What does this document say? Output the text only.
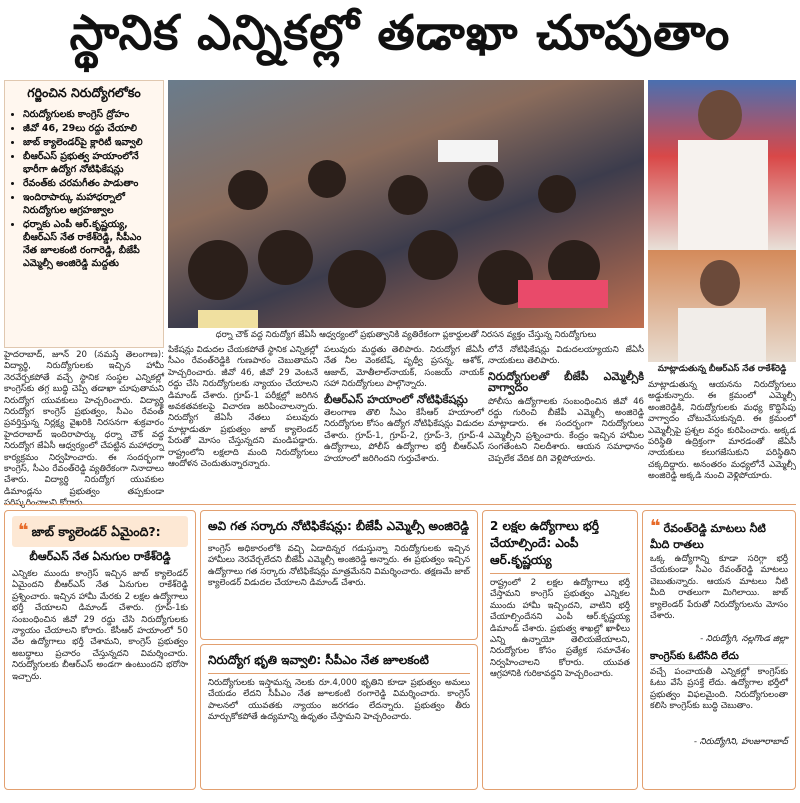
స్థానిక ఎన్నికల్లో తడాఖా చూపుతాం
గర్జించిన నిరుద్యోగలోకం
• నిరుద్యోగులకు కాంగ్రెస్ ద్రోహం
• జీవో 46, 29లు రద్దు చేయాలి
• జాబ్ క్యాలెండర్‌పై క్లారిటీ ఇవ్వాలి
• బీఆర్ఎస్ ప్రభుత్వ హయాంలోనే భారీగా ఉద్యోగ నోటిఫికేషన్లు
• రేవంత్‌కు చరమగీతం పాడుతాం
• ఇందిరాపార్కు మహాధర్నాలో నిరుద్యోగుల ఆగ్రహజ్వాల
• ధర్నాకు ఎంపీ ఆర్.కృష్ణయ్య, బీఆర్ఎస్ నేత రాకేశ్‌రెడ్డి, సీపీఎం నేత జూలకంటి రంగారెడ్డి, బీజేపీ ఎమ్మెల్సీ అంజిరెడ్డి మద్దతు
ధర్నా చౌక్ వద్ద నిరుద్యోగ జేఏసీ ఆధ్వర్యంలో ప్రభుత్వానికి వ్యతిరేకంగా ప్లకార్డులతో నిరసన వ్యక్తం చేస్తున్న నిరుద్యోగులు
మాట్లాడుతున్న బీఆర్ఎస్ నేత రాకేశ్‌రెడ్డి
హైదరాబాద్, జూన్ 20 (నమస్తే తెలంగాణ): విద్యార్థి, నిరుద్యోగులకు ఇచ్చిన హామీ నెరవేర్చకపోతే వచ్చే స్థానిక సంస్థల ఎన్నికల్లో కాంగ్రెస్‌కు తగ్గ బుద్ధి చెప్పి తడాఖా చూపుతామని నిరుద్యోగ యువకులు హెచ్చరించారు. విద్యార్థి నిరుద్యోగ కాంగ్రెస్ ప్రభుత్వం, సీఎం రేవంత్ ప్రవర్తిస్తున్న నిర్లక్ష్య వైఖరికి నిరసనగా శుక్రవారం హైదరాబాద్ ఇందిరాపార్కు ధర్నా చౌక్ వద్ద నిరుద్యోగ జేఏసీ ఆధ్వర్యంలో చేపట్టిన మహాధర్నా కార్యక్రమం నిర్వహించారు. ఈ సందర్భంగా కాంగ్రెస్, సీఎం రేవంత్‌రెడ్డి వ్యతిరేకంగా నినాదాలు చేశారు. విద్యార్థి నిరుద్యోగ యువకుల డిమాండ్లను ప్రభుత్వం తప్పకుండా
పికేషన్లు విడుదల చేయకపోతే స్థానిక ఎన్నికల్లో సీఎం రేవంత్‌రెడ్డికి గుణపాఠం చెబుతామని హెచ్చరించారు. జీవో 46, జీవో 29 వెంటనే రద్దు చేసి నిరుద్యోగులకు న్యాయం చేయాలని డిమాండ్ చేశారు. గ్రూప్-1 పరీక్షల్లో జరిగిన అవకతవకలపై విచారణ జరిపించాలన్నారు. నిరుద్యోగ జేఏసీ నేతలు పలువురు మాట్లాడుతూ ప్రభుత్వం జాబ్ క్యాలెండర్ పేరుతో మోసం చేస్తున్నదని మండిపడ్డారు. రాష్ట్రంలోని లక్షలాది మంది నిరుద్యోగులు ఆందోళన చెందుతున్నారన్నారు.
పలువురు మద్దతు తెలిపారు. నిరుద్యోగ జేఏసీ నేత నీల వెంకటేష్, పృథ్వీ ప్రసన్న, ఆశోక్, ఆజాద్, మోతీలాల్‌నాయక్, సంజయ్ నాయక్ సహా నిరుద్యోగులు పాల్గొన్నారు.
బీఆర్ఎస్ హయాంలో నోటిఫికేషన్లు
తెలంగాణ తొలి సీఎం కేసీఆర్ హయాంలో నిరుద్యోగుల కోసం ఉద్యోగ నోటిఫికేషన్లు విడుదల చేశారు. గ్రూప్-1, గ్రూప్-2, గ్రూప్-3, గ్రూప్-4 ఉద్యోగాలు, పోలీస్ ఉద్యోగాల భర్తీ బీఆర్ఎస్ హయాంలో జరిగిందని గుర్తుచేశారు.
లోనే నోటిఫికేషన్లు విడుదలయ్యాయని జేఏసీ నాయకులు తెలిపారు.
నిరుద్యోగులతో బీజేపీ ఎమ్మెల్సీకి వాగ్వాదం
పోలీసు ఉద్యోగాలకు సంబంధించిన జీవో 46 రద్దు గురించి బీజేపీ ఎమ్మెల్సీ అంజిరెడ్డి మాట్లాడారు. ఈ సందర్భంగా నిరుద్యోగులు ఎమ్మెల్సీని ప్రశ్నించారు. కేంద్రం ఇచ్చిన హామీల సంగతేంటని నిలదీశారు. ఆయన సమాధానం చెప్పలేక వేదిక దిగి వెళ్లిపోయారు.
మాట్లాడుతున్న ఆయనను నిరుద్యోగులు అడ్డుకున్నారు. ఈ క్రమంలో ఎమ్మెల్సీ అంజిరెడ్డికి, నిరుద్యోగులకు మధ్య కొద్దిసేపు వాగ్వాదం చోటుచేసుకున్నది. ఈ క్రమంలో ఎమ్మెల్సీపై ప్రశ్నల వర్షం కురిపించారు. అక్కడ పరిస్థితి ఉద్రిక్తంగా మారడంతో జేఏసీ నాయకులు కలుగజేసుకుని పరిస్థితిని చక్కదిద్దారు. అనంతరం మధ్యలోనే ఎమ్మెల్సీ అంజిరెడ్డి అక్కడి నుంచి వెళ్లిపోయారు.
❝ జాబ్ క్యాలెండర్ ఏమైంది?:
బీఆర్ఎస్ నేత ఏనుగుల రాకేశ్‌రెడ్డి
ఎన్నికల ముందు కాంగ్రెస్ ఇచ్చిన జాబ్ క్యాలెండర్ ఏమైందని బీఆర్ఎస్ నేత ఏనుగుల రాకేశ్‌రెడ్డి ప్రశ్నించారు. ఇచ్చిన హామీ మేరకు 2 లక్షల ఉద్యోగాలు భర్తీ చేయాలని డిమాండ్ చేశారు. గ్రూప్-1కు సంబంధించిన జీవో 29 రద్దు చేసి నిరుద్యోగులకు న్యాయం చేయాలని కోరారు. కేసీఆర్ హయాంలో 50 వేల ఉద్యోగాలు భర్తీ చేశామని, కాంగ్రెస్ ప్రభుత్వం అబద్ధాలు ప్రచారం చేస్తున్నదని విమర్శించారు. నిరుద్యోగులకు బీఆర్ఎస్ అండగా ఉంటుందని భరోసా ఇచ్చారు.
అవి గత సర్కారు నోటిఫికేషన్లు: బీజేపీ ఎమ్మెల్సీ అంజిరెడ్డి
కాంగ్రెస్ అధికారంలోకి వచ్చి ఏడాదిన్నర గడుస్తున్నా నిరుద్యోగులకు ఇచ్చిన హామీలు నెరవేర్చలేదని బీజేపీ ఎమ్మెల్సీ అంజిరెడ్డి అన్నారు. ఈ ప్రభుత్వం ఇచ్చిన ఉద్యోగాలు గత సర్కారు నోటిఫికేషన్లు మాత్రమేనని విమర్శించారు. తక్షణమే జాబ్ క్యాలెండర్ విడుదల చేయాలని డిమాండ్ చేశారు.
నిరుద్యోగ భృతి ఇవ్వాలి: సీపీఎం నేత జూలకంటి
నిరుద్యోగులకు ఇస్తామన్న నెలకు రూ.4,000 భృతిని కూడా ప్రభుత్వం అమలు చేయడం లేదని సీపీఎం నేత జూలకంటి రంగారెడ్డి విమర్శించారు. కాంగ్రెస్ పాలనలో యువతకు న్యాయం జరగడం లేదన్నారు. ప్రభుత్వం తీరు మార్చుకోకపోతే ఉద్యమాన్ని ఉధృతం చేస్తామని హెచ్చరించారు.
2 లక్షల ఉద్యోగాలు భర్తీ చేయాల్సిందే: ఎంపీ ఆర్.కృష్ణయ్య
రాష్ట్రంలో 2 లక్షల ఉద్యోగాలు భర్తీ చేస్తామని కాంగ్రెస్ ప్రభుత్వం ఎన్నికల ముందు హామీ ఇచ్చిందని, వాటిని భర్తీ చేయాల్సిందేనని ఎంపీ ఆర్.కృష్ణయ్య డిమాండ్ చేశారు. ప్రభుత్వ శాఖల్లో ఖాళీలు ఎన్ని ఉన్నాయో తెలియజేయాలని, నిరుద్యోగుల కోసం ప్రత్యేక సమావేశం నిర్వహించాలని కోరారు. యువత ఆగ్రహానికి గురికావద్దని హెచ్చరించారు.
❝ రేవంత్‌రెడ్డి మాటలు నీటి మీది రాతలు
ఒక్క ఉద్యోగాన్ని కూడా సరిగ్గా భర్తీ చేయకుండా సీఎం రేవంత్‌రెడ్డి మాటలు చెబుతున్నారు. ఆయన మాటలు నీటి మీది రాతలుగా మిగిలాయి. జాబ్ క్యాలెండర్ పేరుతో నిరుద్యోగులను మోసం చేశారు.
- నిరుద్యోగి, నల్లగొండ జిల్లా
కాంగ్రెస్‌కు ఓటేసేది లేదు
వచ్చే పంచాయతీ ఎన్నికల్లో కాంగ్రెస్‌కు ఓటు వేసే ప్రసక్తే లేదు. ఉద్యోగాల భర్తీలో ప్రభుత్వం విఫలమైంది. నిరుద్యోగులంతా కలిసి కాంగ్రెస్‌కు బుద్ధి చెబుతాం.
- నిరుద్యోగిని, హుజూరాబాద్
